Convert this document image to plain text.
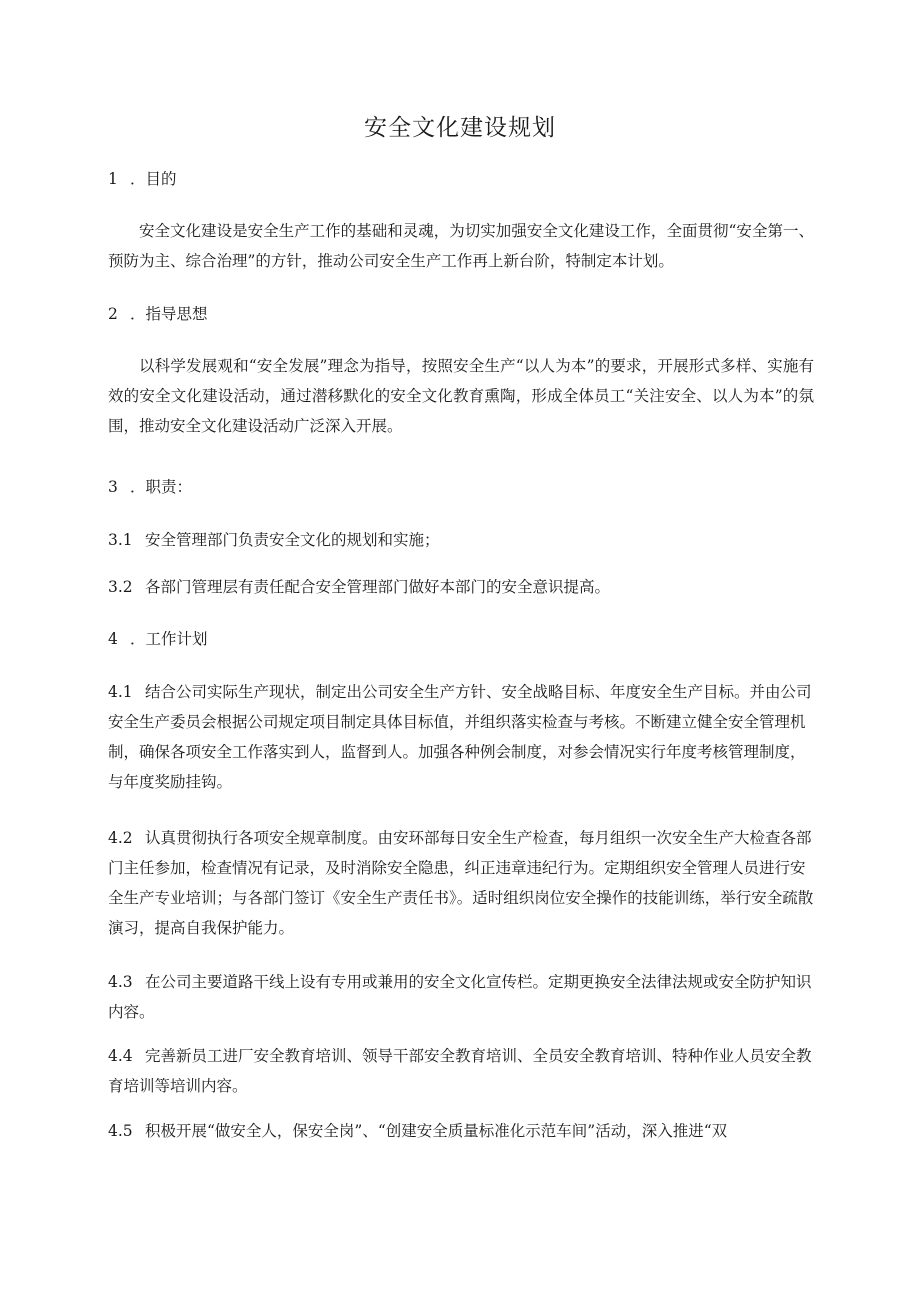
安全文化建设规划
1 ．目的
安全文化建设是安全生产工作的基础和灵魂，为切实加强安全文化建设工作，全面贯彻“安全第一、预防为主、综合治理”的方针，推动公司安全生产工作再上新台阶，特制定本计划。
2 ．指导思想
以科学发展观和“安全发展”理念为指导，按照安全生产“以人为本”的要求，开展形式多样、实施有效的安全文化建设活动，通过潜移默化的安全文化教育熏陶，形成全体员工“关注安全、以人为本”的氛围，推动安全文化建设活动广泛深入开展。
3 ．职责：
3.1 安全管理部门负责安全文化的规划和实施；
3.2 各部门管理层有责任配合安全管理部门做好本部门的安全意识提高。
4 ．工作计划
4.1 结合公司实际生产现状，制定出公司安全生产方针、安全战略目标、年度安全生产目标。并由公司安全生产委员会根据公司规定项目制定具体目标值，并组织落实检查与考核。不断建立健全安全管理机制，确保各项安全工作落实到人，监督到人。加强各种例会制度，对参会情况实行年度考核管理制度，与年度奖励挂钩。
4.2 认真贯彻执行各项安全规章制度。由安环部每日安全生产检查，每月组织一次安全生产大检查各部门主任参加，检查情况有记录，及时消除安全隐患，纠正违章违纪行为。定期组织安全管理人员进行安全生产专业培训；与各部门签订《安全生产责任书》。适时组织岗位安全操作的技能训练，举行安全疏散演习，提高自我保护能力。
4.3 在公司主要道路干线上设有专用或兼用的安全文化宣传栏。定期更换安全法律法规或安全防护知识内容。
4.4 完善新员工进厂安全教育培训、领导干部安全教育培训、全员安全教育培训、特种作业人员安全教育培训等培训内容。
4.5 积极开展“做安全人，保安全岗”、“创建安全质量标准化示范车间”活动，深入推进“双
